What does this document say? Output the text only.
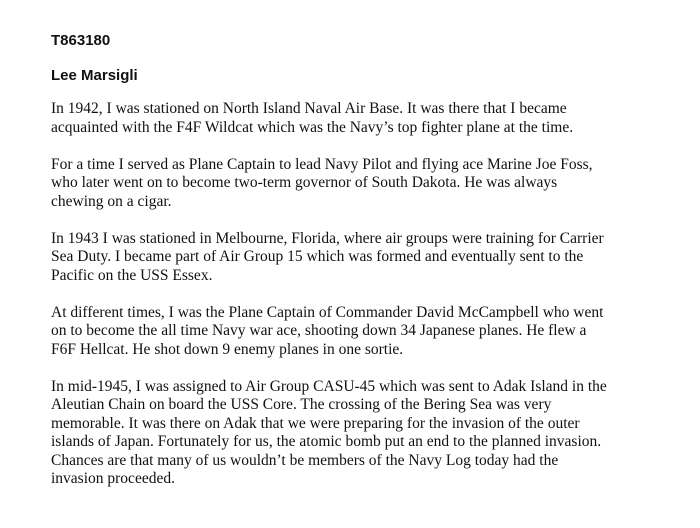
T863180

Lee Marsigli

In 1942, I was stationed on North Island Naval Air Base. It was there that I became
acquainted with the F4F Wildcat which was the Navy’s top fighter plane at the time.

For a time I served as Plane Captain to lead Navy Pilot and flying ace Marine Joe Foss,
who later went on to become two-term governor of South Dakota. He was always
chewing on a cigar.

In 1943 I was stationed in Melbourne, Florida, where air groups were training for Carrier
Sea Duty. I became part of Air Group 15 which was formed and eventually sent to the
Pacific on the USS Essex.

At different times, I was the Plane Captain of Commander David McCampbell who went
on to become the all time Navy war ace, shooting down 34 Japanese planes. He flew a
F6F Hellcat. He shot down 9 enemy planes in one sortie.

In mid-1945, I was assigned to Air Group CASU-45 which was sent to Adak Island in the
Aleutian Chain on board the USS Core. The crossing of the Bering Sea was very
memorable. It was there on Adak that we were preparing for the invasion of the outer
islands of Japan. Fortunately for us, the atomic bomb put an end to the planned invasion.
Chances are that many of us wouldn’t be members of the Navy Log today had the
invasion proceeded.
